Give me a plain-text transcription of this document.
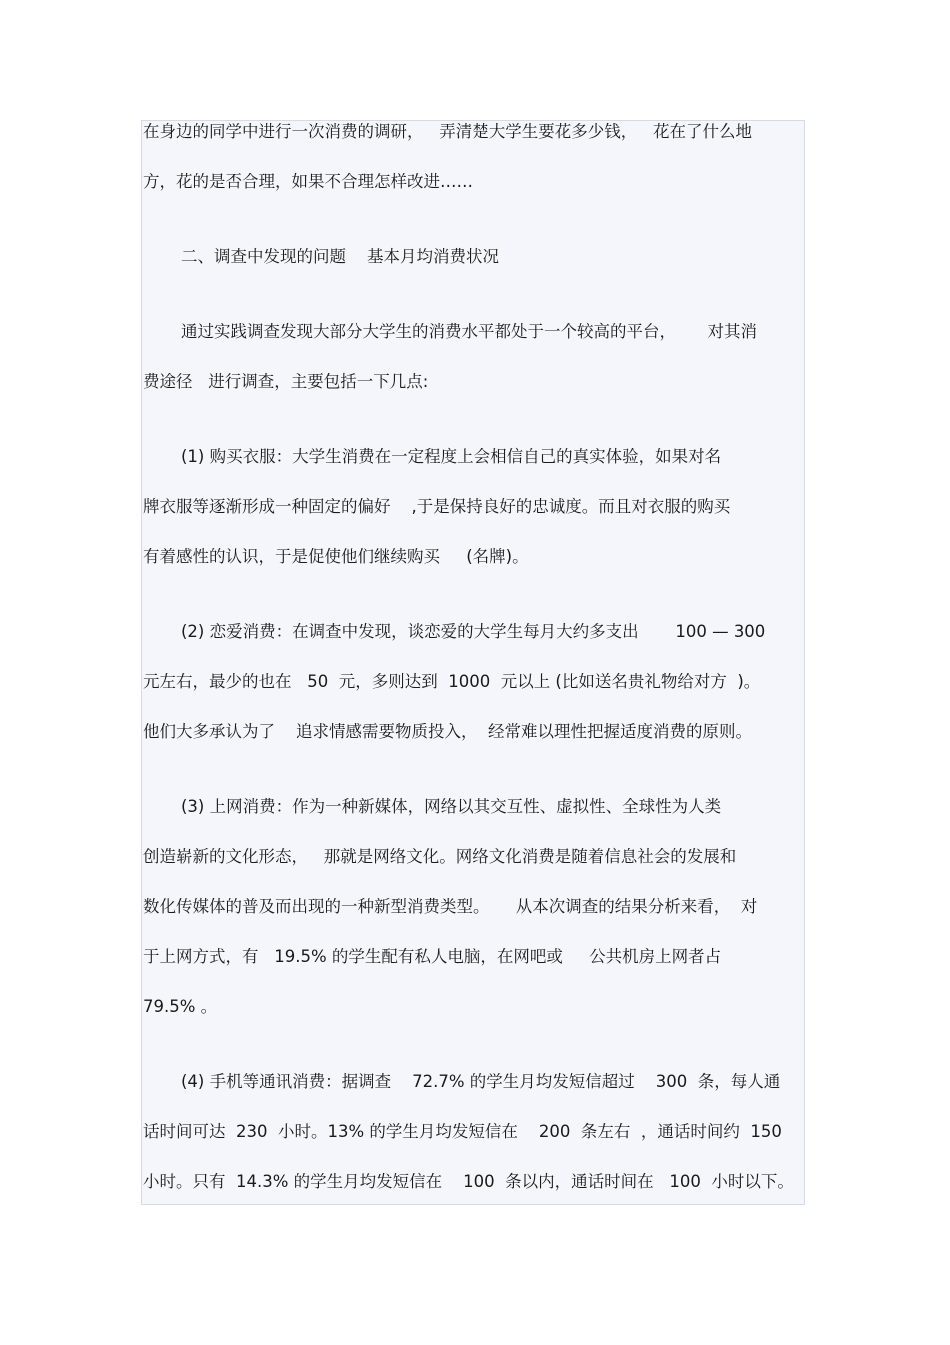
在身边的同学中进行一次消费的调研，   弄清楚大学生要花多少钱，   花在了什么地
方，花的是否合理，如果不合理怎样改进……
二、调查中发现的问题    基本月均消费状况
通过实践调查发现大部分大学生的消费水平都处于一个较高的平台，      对其消
费途径   进行调查，主要包括一下几点:
(1) 购买衣服：大学生消费在一定程度上会相信自己的真实体验，如果对名
牌衣服等逐渐形成一种固定的偏好    ,于是保持良好的忠诚度。而且对衣服的购买
有着感性的认识，于是促使他们继续购买     (名牌)。
(2) 恋爱消费：在调查中发现，谈恋爱的大学生每月大约多支出       100 — 300
元左右，最少的也在   50  元，多则达到  1000  元以上 (比如送名贵礼物给对方  )。
他们大多承认为了    追求情感需要物质投入，  经常难以理性把握适度消费的原则。
(3) 上网消费：作为一种新媒体，网络以其交互性、虚拟性、全球性为人类
创造崭新的文化形态，   那就是网络文化。网络文化消费是随着信息社会的发展和
数化传媒体的普及而出现的一种新型消费类型。     从本次调查的结果分析来看，  对
于上网方式，有   19.5% 的学生配有私人电脑，在网吧或     公共机房上网者占
79.5% 。
(4) 手机等通讯消费：据调查    72.7% 的学生月均发短信超过    300  条，每人通
话时间可达  230  小时。13% 的学生月均发短信在    200  条左右  ，通话时间约  150
小时。只有  14.3% 的学生月均发短信在    100  条以内，通话时间在   100  小时以下。
